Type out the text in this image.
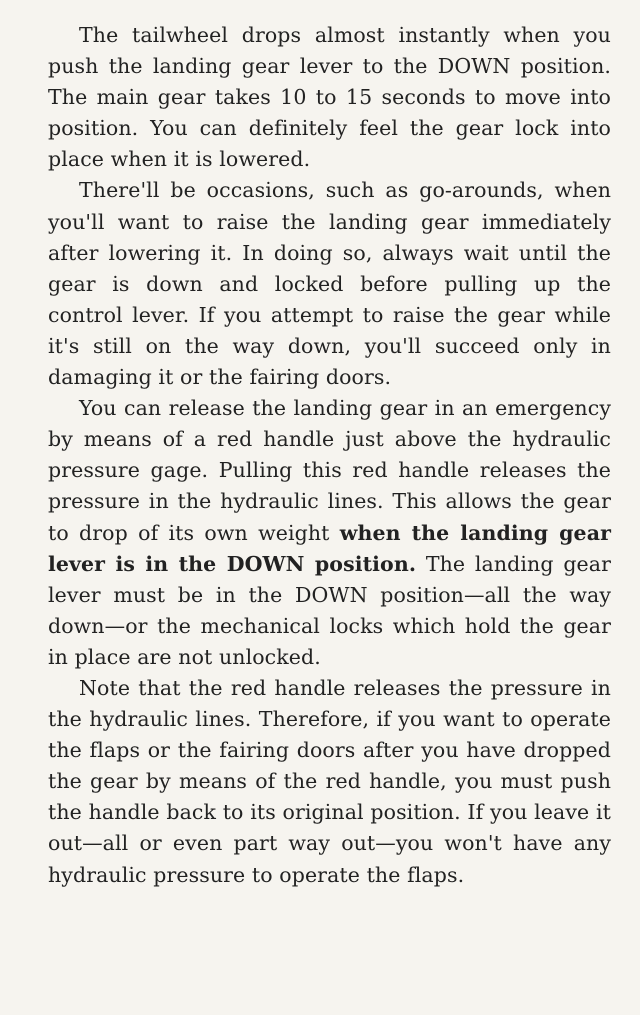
The tailwheel drops almost instantly when you push the landing gear lever to the DOWN position. The main gear takes 10 to 15 seconds to move into position. You can definitely feel the gear lock into place when it is lowered.

There'll be occasions, such as go-arounds, when you'll want to raise the landing gear immediately after lowering it. In doing so, always wait until the gear is down and locked before pulling up the control lever. If you attempt to raise the gear while it's still on the way down, you'll succeed only in damaging it or the fairing doors.

You can release the landing gear in an emergency by means of a red handle just above the hydraulic pressure gage. Pulling this red handle releases the pressure in the hydraulic lines. This allows the gear to drop of its own weight when the landing gear lever is in the DOWN position. The landing gear lever must be in the DOWN position—all the way down—or the mechanical locks which hold the gear in place are not unlocked.

Note that the red handle releases the pressure in the hydraulic lines. Therefore, if you want to operate the flaps or the fairing doors after you have dropped the gear by means of the red handle, you must push the handle back to its original position. If you leave it out—all or even part way out—you won't have any hydraulic pressure to operate the flaps.
